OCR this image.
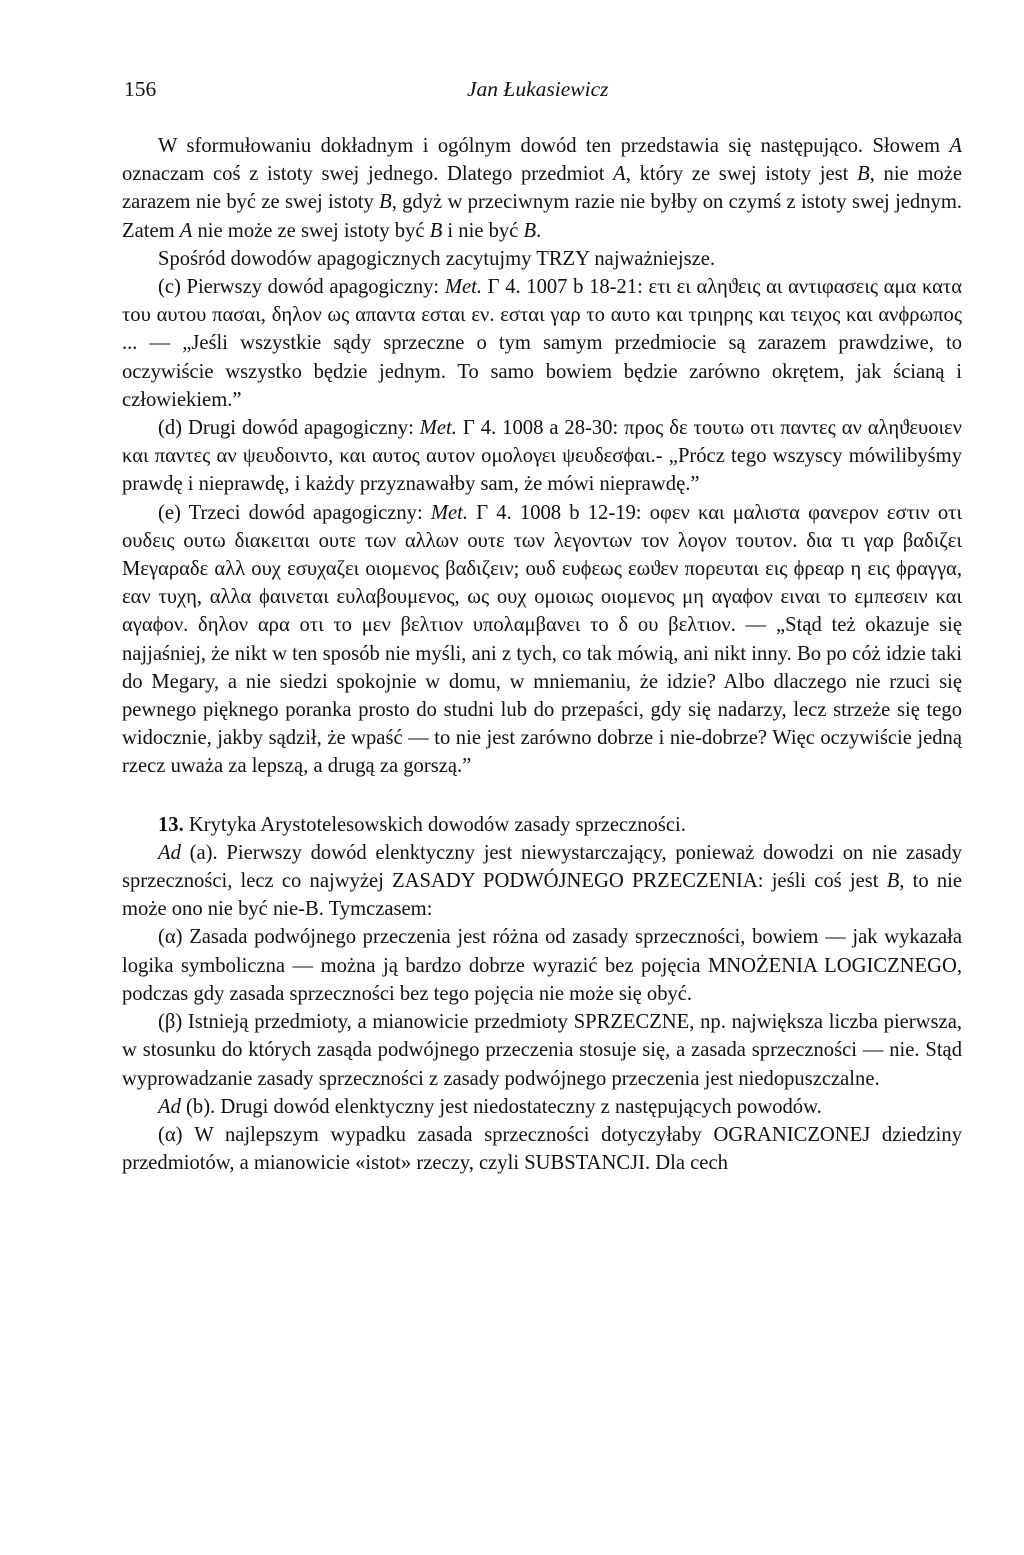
156	Jan Łukasiewicz

W sformułowaniu dokładnym i ogólnym dowód ten przedstawia się następująco. Słowem A oznaczam coś z istoty swej jednego. Dlatego przedmiot A, który ze swej istoty jest B, nie może zarazem nie być ze swej istoty B, gdyż w przeciwnym razie nie byłby on czymś z istoty swej jednym. Zatem A nie może ze swej istoty być B i nie być B.

Spośród dowodów apagogicznych zacytujmy TRZY najważniejsze.

(c) Pierwszy dowód apagogiczny: Met. Γ 4. 1007 b 18-21: ετι ει αληϑεις αι αντιφασεις αμα κατα του αυτου πασαι, δηλον ως απαντα εσται εν. εσται γαρ το αυτο και τριηρης και τειχος και ανϕρωπος ... — „Jeśli wszystkie sądy sprzeczne o tym samym przedmiocie są zarazem prawdziwe, to oczywiście wszystko będzie jednym. To samo bowiem będzie zarówno okrętem, jak ścianą i człowiekiem.”

(d) Drugi dowód apagogiczny: Met. Γ 4. 1008 a 28-30: προς δε τουτω οτι παντες αν αληϑευοιεν και παντες αν ψευδοιντο, και αυτος αυτον ομολογει ψευδεσϕαι.- „Prócz tego wszyscy mówilibyśmy prawdę i nieprawdę, i każdy przyznawałby sam, że mówi nieprawdę.”

(e) Trzeci dowód apagogiczny: Met. Γ 4. 1008 b 12-19: οφεν και μαλιστα φανερον εστιν οτι ουδεις ουτω διακειται ουτε των αλλων ουτε των λεγοντων τον λογον τουτον. δια τι γαρ βαδιζει Μεγαραδε αλλ ουχ εσυχαζει οιομενος βαδιζειν; ουδ ευϕεως εωϑεν πορευται εις ϕρεαρ η εις ϕραγγα, εαν τυχη, αλλα ϕαινεται ευλαβουμενος, ως ουχ ομοιως οιομενος μη αγαϕον ειναι το εμπεσειν και αγαϕον. δηλον αρα οτι το μεν βελτιον υπολαμβανει το δ ου βελτιον. — „Stąd też okazuje się najjaśniej, że nikt w ten sposób nie myśli, ani z tych, co tak mówią, ani nikt inny. Bo po cóż idzie taki do Megary, a nie siedzi spokojnie w domu, w mniemaniu, że idzie? Albo dlaczego nie rzuci się pewnego pięknego poranka prosto do studni lub do przepaści, gdy się nadarzy, lecz strzeże się tego widocznie, jakby sądził, że wpaść — to nie jest zarówno dobrze i nie-dobrze? Więc oczywiście jedną rzecz uważa za lepszą, a drugą za gorszą.”

13. Krytyka Arystotelesowskich dowodów zasady sprzeczności.

Ad (a). Pierwszy dowód elenktyczny jest niewystarczający, ponieważ dowodzi on nie zasady sprzeczności, lecz co najwyżej ZASADY PODWÓJNEGO PRZECZENIA: jeśli coś jest B, to nie może ono nie być nie-B. Tymczasem:

(α) Zasada podwójnego przeczenia jest różna od zasady sprzeczności, bowiem — jak wykazała logika symboliczna — można ją bardzo dobrze wyrazić bez pojęcia MNOŻENIA LOGICZNEGO, podczas gdy zasada sprzeczności bez tego pojęcia nie może się obyć.

(β) Istnieją przedmioty, a mianowicie przedmioty SPRZECZNE, np. największa liczba pierwsza, w stosunku do których zasąda podwójnego przeczenia stosuje się, a zasada sprzeczności — nie. Stąd wyprowadzanie zasady sprzeczności z zasady podwójnego przeczenia jest niedopuszczalne.

Ad (b). Drugi dowód elenktyczny jest niedostateczny z następujących powodów.

(α) W najlepszym wypadku zasada sprzeczności dotyczyłaby OGRANICZONEJ dziedziny przedmiotów, a mianowicie «istot» rzeczy, czyli SUBSTANCJI. Dla cech
